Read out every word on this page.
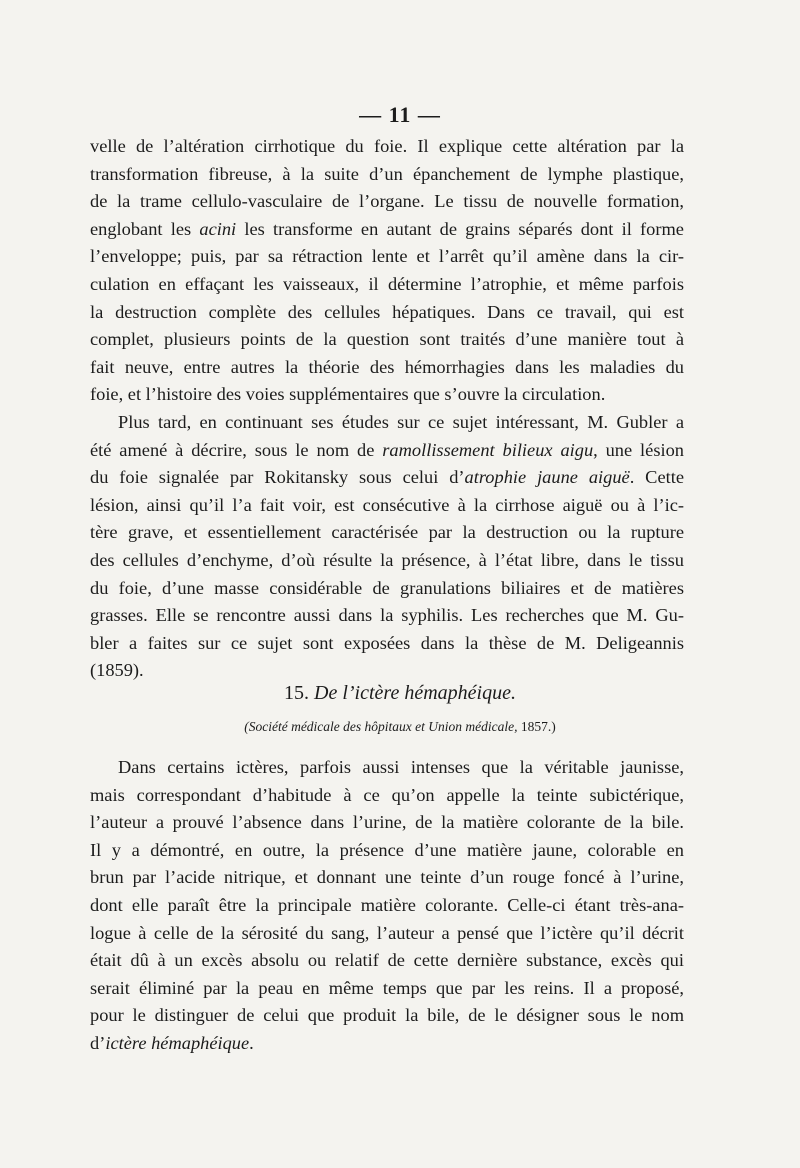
— 11 —
velle de l’altération cirrhotique du foie. Il explique cette altération par la
transformation fibreuse, à la suite d’un épanchement de lymphe plastique,
de la trame cellulo-vasculaire de l’organe. Le tissu de nouvelle formation,
englobant les acini les transforme en autant de grains séparés dont il forme
l’enveloppe; puis, par sa rétraction lente et l’arrêt qu’il amène dans la cir-
culation en effaçant les vaisseaux, il détermine l’atrophie, et même parfois
la destruction complète des cellules hépatiques. Dans ce travail, qui est
complet, plusieurs points de la question sont traités d’une manière tout à
fait neuve, entre autres la théorie des hémorrhagies dans les maladies du
foie, et l’histoire des voies supplémentaires que s’ouvre la circulation.
Plus tard, en continuant ses études sur ce sujet intéressant, M. Gubler a
été amené à décrire, sous le nom de ramollissement bilieux aigu, une lésion
du foie signalée par Rokitansky sous celui d’atrophie jaune aiguë. Cette
lésion, ainsi qu’il l’a fait voir, est consécutive à la cirrhose aiguë ou à l’ic-
tère grave, et essentiellement caractérisée par la destruction ou la rupture
des cellules d’enchyme, d’où résulte la présence, à l’état libre, dans le tissu
du foie, d’une masse considérable de granulations biliaires et de matières
grasses. Elle se rencontre aussi dans la syphilis. Les recherches que M. Gu-
bler a faites sur ce sujet sont exposées dans la thèse de M. Deligeannis
(1859).
15. De l’ictère hémaphéique.
(Société médicale des hôpitaux et Union médicale, 1857.)
Dans certains ictères, parfois aussi intenses que la véritable jaunisse,
mais correspondant d’habitude à ce qu’on appelle la teinte subictérique,
l’auteur a prouvé l’absence dans l’urine, de la matière colorante de la bile.
Il y a démontré, en outre, la présence d’une matière jaune, colorable en
brun par l’acide nitrique, et donnant une teinte d’un rouge foncé à l’urine,
dont elle paraît être la principale matière colorante. Celle-ci étant très-ana-
logue à celle de la sérosité du sang, l’auteur a pensé que l’ictère qu’il décrit
était dû à un excès absolu ou relatif de cette dernière substance, excès qui
serait éliminé par la peau en même temps que par les reins. Il a proposé,
pour le distinguer de celui que produit la bile, de le désigner sous le nom
d’ictère hémaphéique.
